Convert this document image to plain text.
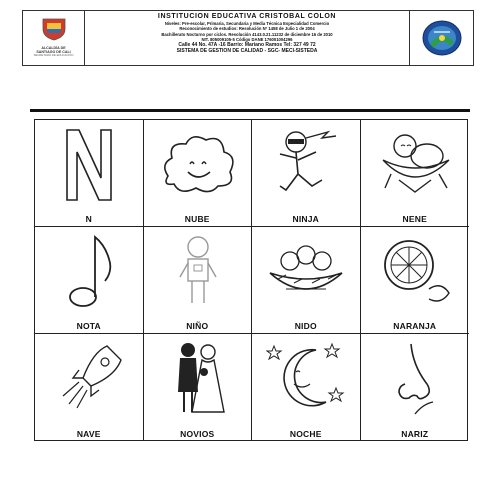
ALCALDÍA DE
SANTIAGO DE CALI
SECRETARÍA DE EDUCACIÓN
INSTITUCION EDUCATIVA CRISTOBAL COLON
Niveles: Pre-escolar, Primaria, Secundaria y Media Técnica Especialidad Comercio
Reconocimiento de estudios: Resolución Nº 1458 de Julio 1 de 2004
Bachillerato Nocturno por ciclos. Resolución 4143.0.21.11232 de diciembre 16 de 2010
NIT. 805009105-5 Código DANE 176001004296
Calle 44 No. 47A -16 Barrio: Mariano Ramos Tel: 327 49 72
SISTEMA DE GESTION DE CALIDAD - SGC- MECI-SISTEDA
N	NUBE	NINJA	NENE
NOTA	NIÑO	NIDO	NARANJA
NAVE	NOVIOS	NOCHE	NARIZ
